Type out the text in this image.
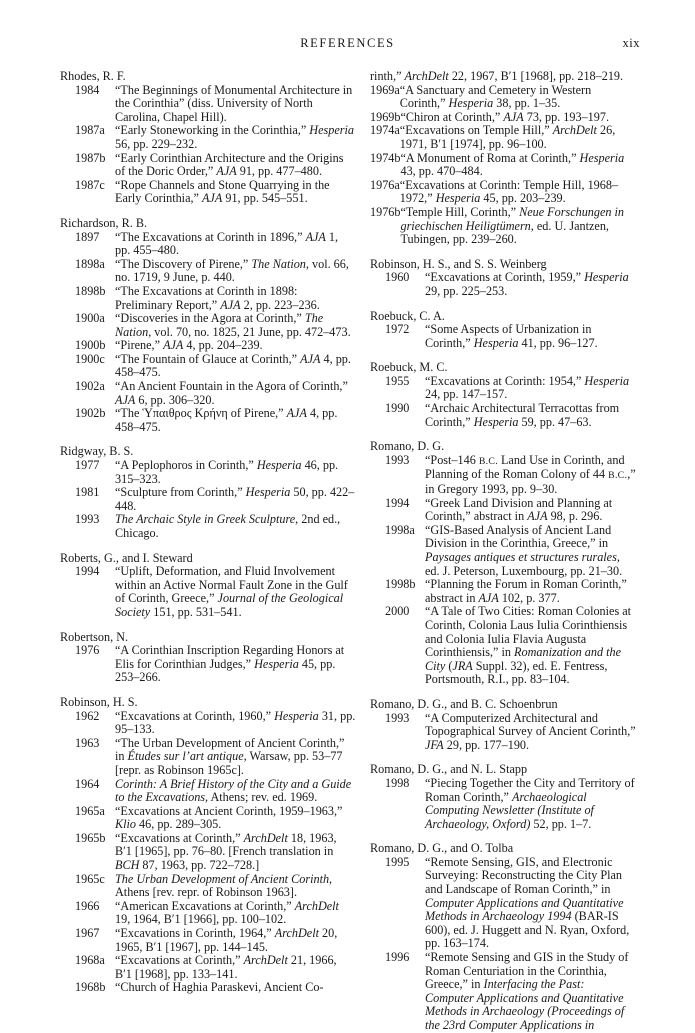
REFERENCES	xix
Rhodes, R. F.
1984	“The Beginnings of Monumental Architecture in the Corinthia” (diss. University of North Carolina, Chapel Hill).
1987a “Early Stoneworking in the Corinthia,” Hesperia 56, pp. 229–232.
1987b “Early Corinthian Architecture and the Origins of the Doric Order,” AJA 91, pp. 477–480.
1987c “Rope Channels and Stone Quarrying in the Early Corinthia,” AJA 91, pp. 545–551.
Richardson, R. B.
1897	“The Excavations at Corinth in 1896,” AJA 1, pp. 455–480.
1898a “The Discovery of Pirene,” The Nation, vol. 66, no. 1719, 9 June, p. 440.
1898b “The Excavations at Corinth in 1898: Preliminary Report,” AJA 2, pp. 223–236.
1900a “Discoveries in the Agora at Corinth,” The Nation, vol. 70, no. 1825, 21 June, pp. 472–473.
1900b “Pirene,” AJA 4, pp. 204–239.
1900c “The Fountain of Glauce at Corinth,” AJA 4, pp. 458–475.
1902a “An Ancient Fountain in the Agora of Corinth,” AJA 6, pp. 306–320.
1902b “The Ὑπαιθρος Κρήνη of Pirene,” AJA 4, pp. 458–475.
Ridgway, B. S.
1977	“A Peplophoros in Corinth,” Hesperia 46, pp. 315–323.
1981	“Sculpture from Corinth,” Hesperia 50, pp. 422–448.
1993	The Archaic Style in Greek Sculpture, 2nd ed., Chicago.
Roberts, G., and I. Steward
1994	“Uplift, Deformation, and Fluid Involvement within an Active Normal Fault Zone in the Gulf of Corinth, Greece,” Journal of the Geological Society 151, pp. 531–541.
Robertson, N.
1976	“A Corinthian Inscription Regarding Honors at Elis for Corinthian Judges,” Hesperia 45, pp. 253–266.
Robinson, H. S.
1962	“Excavations at Corinth, 1960,” Hesperia 31, pp. 95–133.
1963	“The Urban Development of Ancient Corinth,” in Études sur l’art antique, Warsaw, pp. 53–77 [repr. as Robinson 1965c].
1964	Corinth: A Brief History of the City and a Guide to the Excavations, Athens; rev. ed. 1969.
1965a “Excavations at Ancient Corinth, 1959–1963,” Klio 46, pp. 289–305.
1965b “Excavations at Corinth,” ArchDelt 18, 1963, B′1 [1965], pp. 76–80. [French translation in BCH 87, 1963, pp. 722–728.]
1965c The Urban Development of Ancient Corinth, Athens [rev. repr. of Robinson 1963].
1966	“American Excavations at Corinth,” ArchDelt 19, 1964, B′1 [1966], pp. 100–102.
1967	“Excavations in Corinth, 1964,” ArchDelt 20, 1965, B′1 [1967], pp. 144–145.
1968a “Excavations at Corinth,” ArchDelt 21, 1966, B′1 [1968], pp. 133–141.
1968b “Church of Haghia Paraskevi, Ancient Co-
rinth,” ArchDelt 22, 1967, B′1 [1968], pp. 218–219.
1969a “A Sanctuary and Cemetery in Western Corinth,” Hesperia 38, pp. 1–35.
1969b “Chiron at Corinth,” AJA 73, pp. 193–197.
1974a “Excavations on Temple Hill,” ArchDelt 26, 1971, B′1 [1974], pp. 96–100.
1974b “A Monument of Roma at Corinth,” Hesperia 43, pp. 470–484.
1976a “Excavations at Corinth: Temple Hill, 1968–1972,” Hesperia 45, pp. 203–239.
1976b “Temple Hill, Corinth,” Neue Forschungen in griechischen Heiligtümern, ed. U. Jantzen, Tubingen, pp. 239–260.
Robinson, H. S., and S. S. Weinberg
1960	“Excavations at Corinth, 1959,” Hesperia 29, pp. 225–253.
Roebuck, C. A.
1972	“Some Aspects of Urbanization in Corinth,” Hesperia 41, pp. 96–127.
Roebuck, M. C.
1955	“Excavations at Corinth: 1954,” Hesperia 24, pp. 147–157.
1990	“Archaic Architectural Terracottas from Corinth,” Hesperia 59, pp. 47–63.
Romano, D. G.
1993	“Post–146 B.C. Land Use in Corinth, and Planning of the Roman Colony of 44 B.C.,” in Gregory 1993, pp. 9–30.
1994	“Greek Land Division and Planning at Corinth,” abstract in AJA 98, p. 296.
1998a “GIS-Based Analysis of Ancient Land Division in the Corinthia, Greece,” in Paysages antiques et structures rurales, ed. J. Peterson, Luxembourg, pp. 21–30.
1998b “Planning the Forum in Roman Corinth,” abstract in AJA 102, p. 377.
2000	“A Tale of Two Cities: Roman Colonies at Corinth, Colonia Laus Iulia Corinthiensis and Colonia Iulia Flavia Augusta Corinthiensis,” in Romanization and the City (JRA Suppl. 32), ed. E. Fentress, Portsmouth, R.I., pp. 83–104.
Romano, D. G., and B. C. Schoenbrun
1993	“A Computerized Architectural and Topographical Survey of Ancient Corinth,” JFA 29, pp. 177–190.
Romano, D. G., and N. L. Stapp
1998	“Piecing Together the City and Territory of Roman Corinth,” Archaeological Computing Newsletter (Institute of Archaeology, Oxford) 52, pp. 1–7.
Romano, D. G., and O. Tolba
1995	“Remote Sensing, GIS, and Electronic Surveying: Reconstructing the City Plan and Landscape of Roman Corinth,” in Computer Applications and Quantitative Methods in Archaeology 1994 (BAR-IS 600), ed. J. Huggett and N. Ryan, Oxford, pp. 163–174.
1996	“Remote Sensing and GIS in the Study of Roman Centuriation in the Corinthia, Greece,” in Interfacing the Past: Computer Applications and Quantitative Methods in Archaeology (Proceedings of the 23rd Computer Applications in
